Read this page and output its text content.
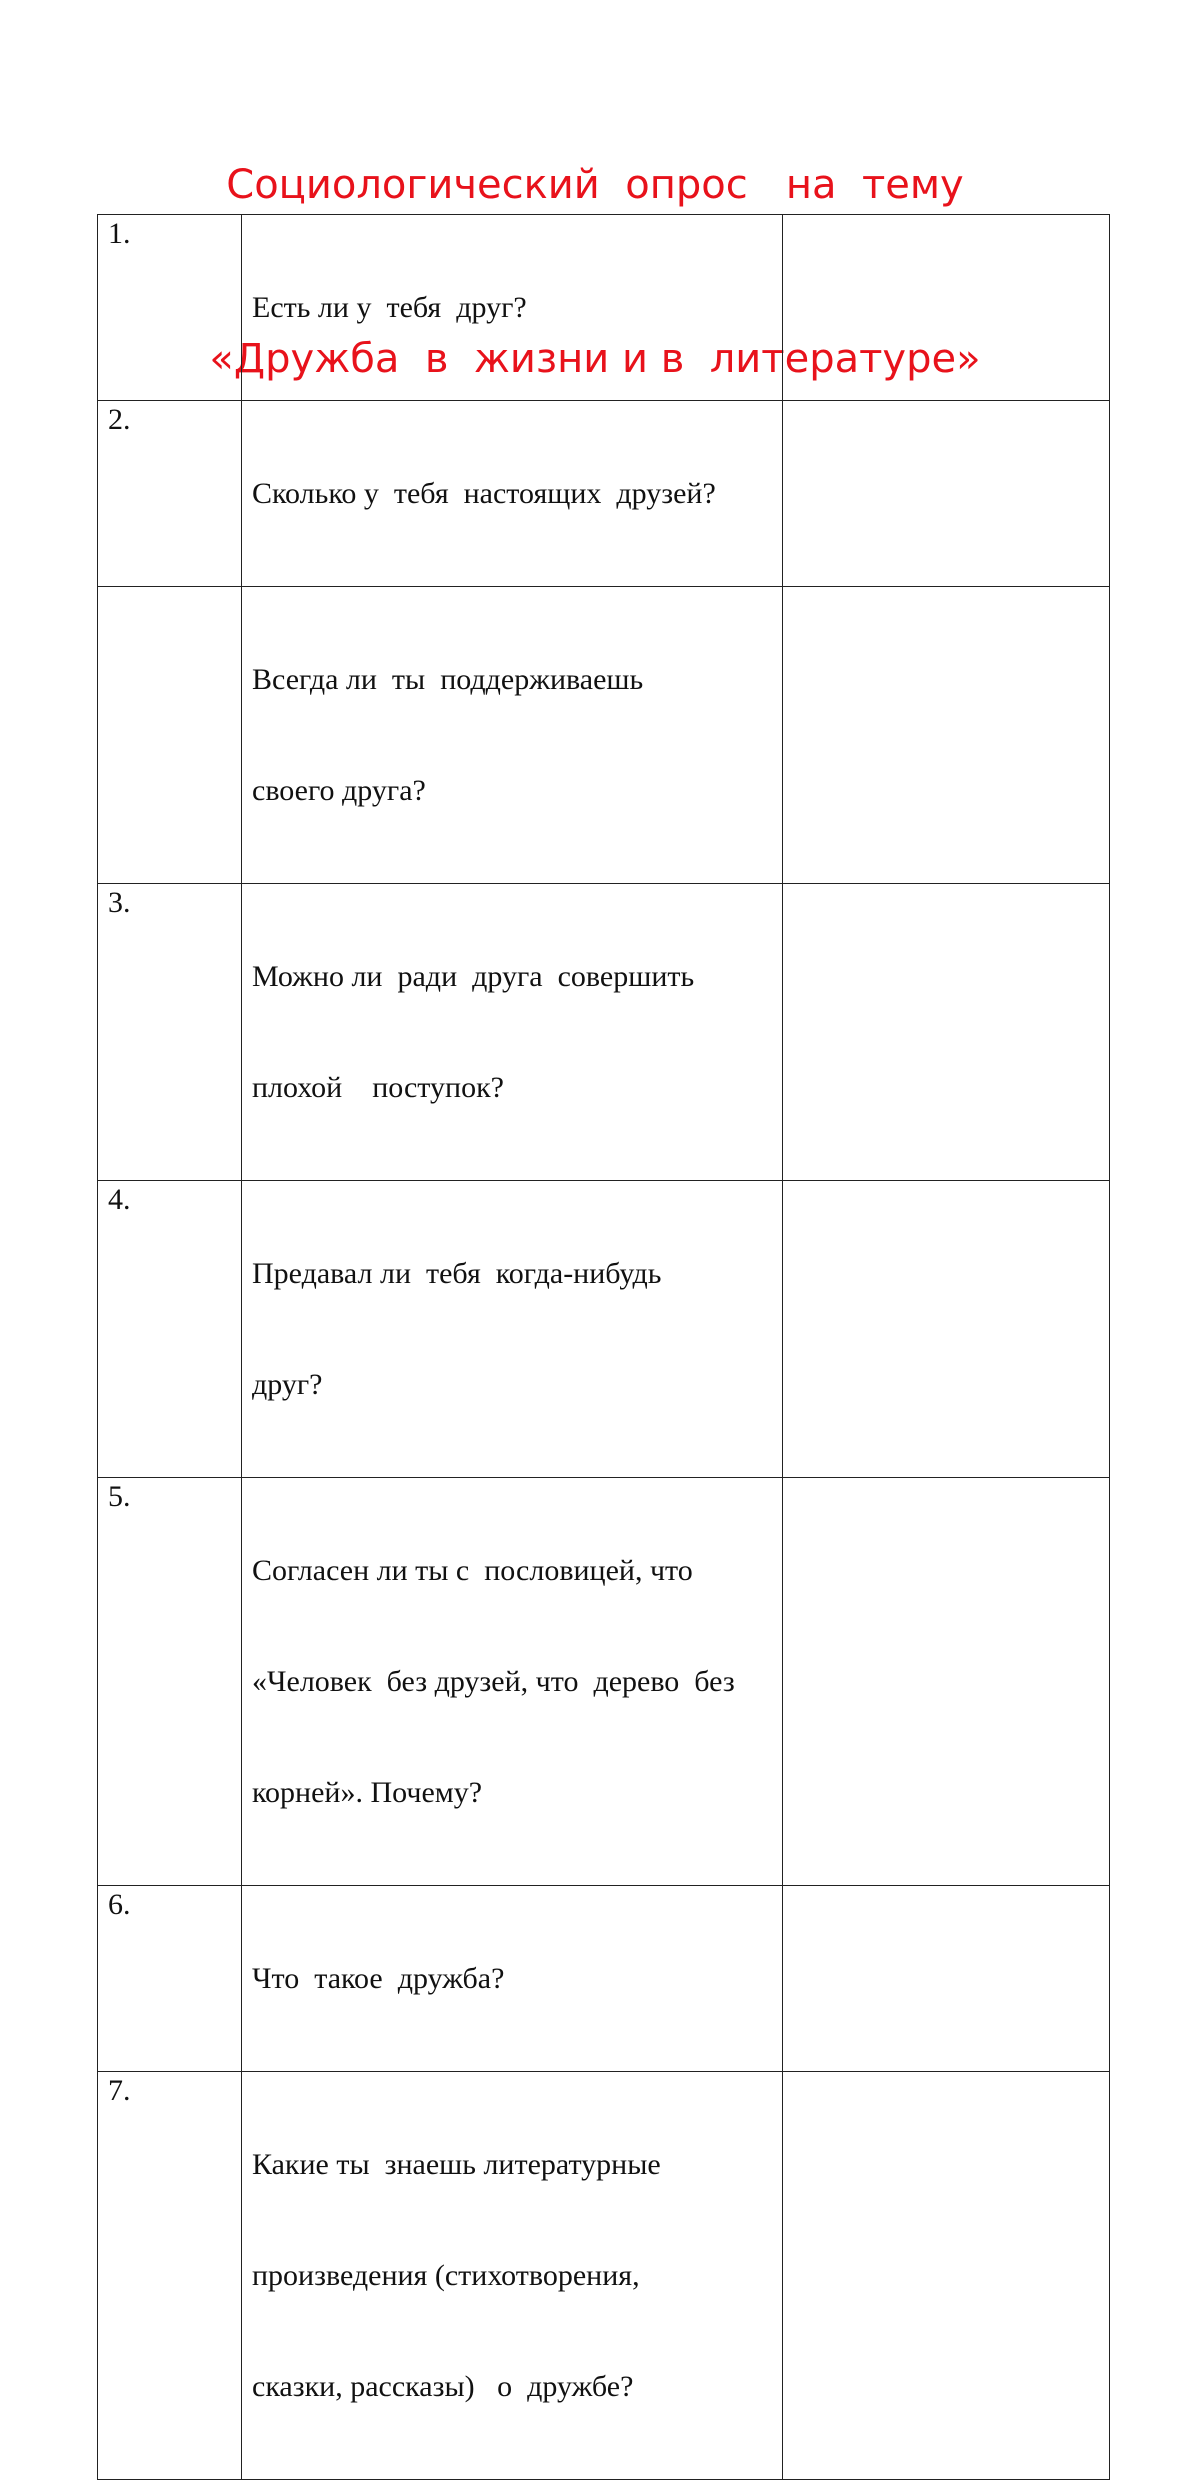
Социологический  опрос   на  тему

«Дружба  в  жизни и в  литературе»

1.	Есть ли у  тебя  друг?	

2.	Сколько у  тебя  настоящих  друзей?	

	Всегда ли  ты  поддерживаешь

своего друга?	

3.	Можно ли  ради  друга  совершить

плохой    поступок?	

4.	Предавал ли  тебя  когда-нибудь

друг?	

5.	Согласен ли ты с  пословицей, что

«Человек  без друзей, что  дерево  без

корней». Почему?	

6.	Что  такое  дружба?	

7.	Какие ты  знаешь литературные

произведения (стихотворения,

сказки, рассказы)   о  дружбе?	
